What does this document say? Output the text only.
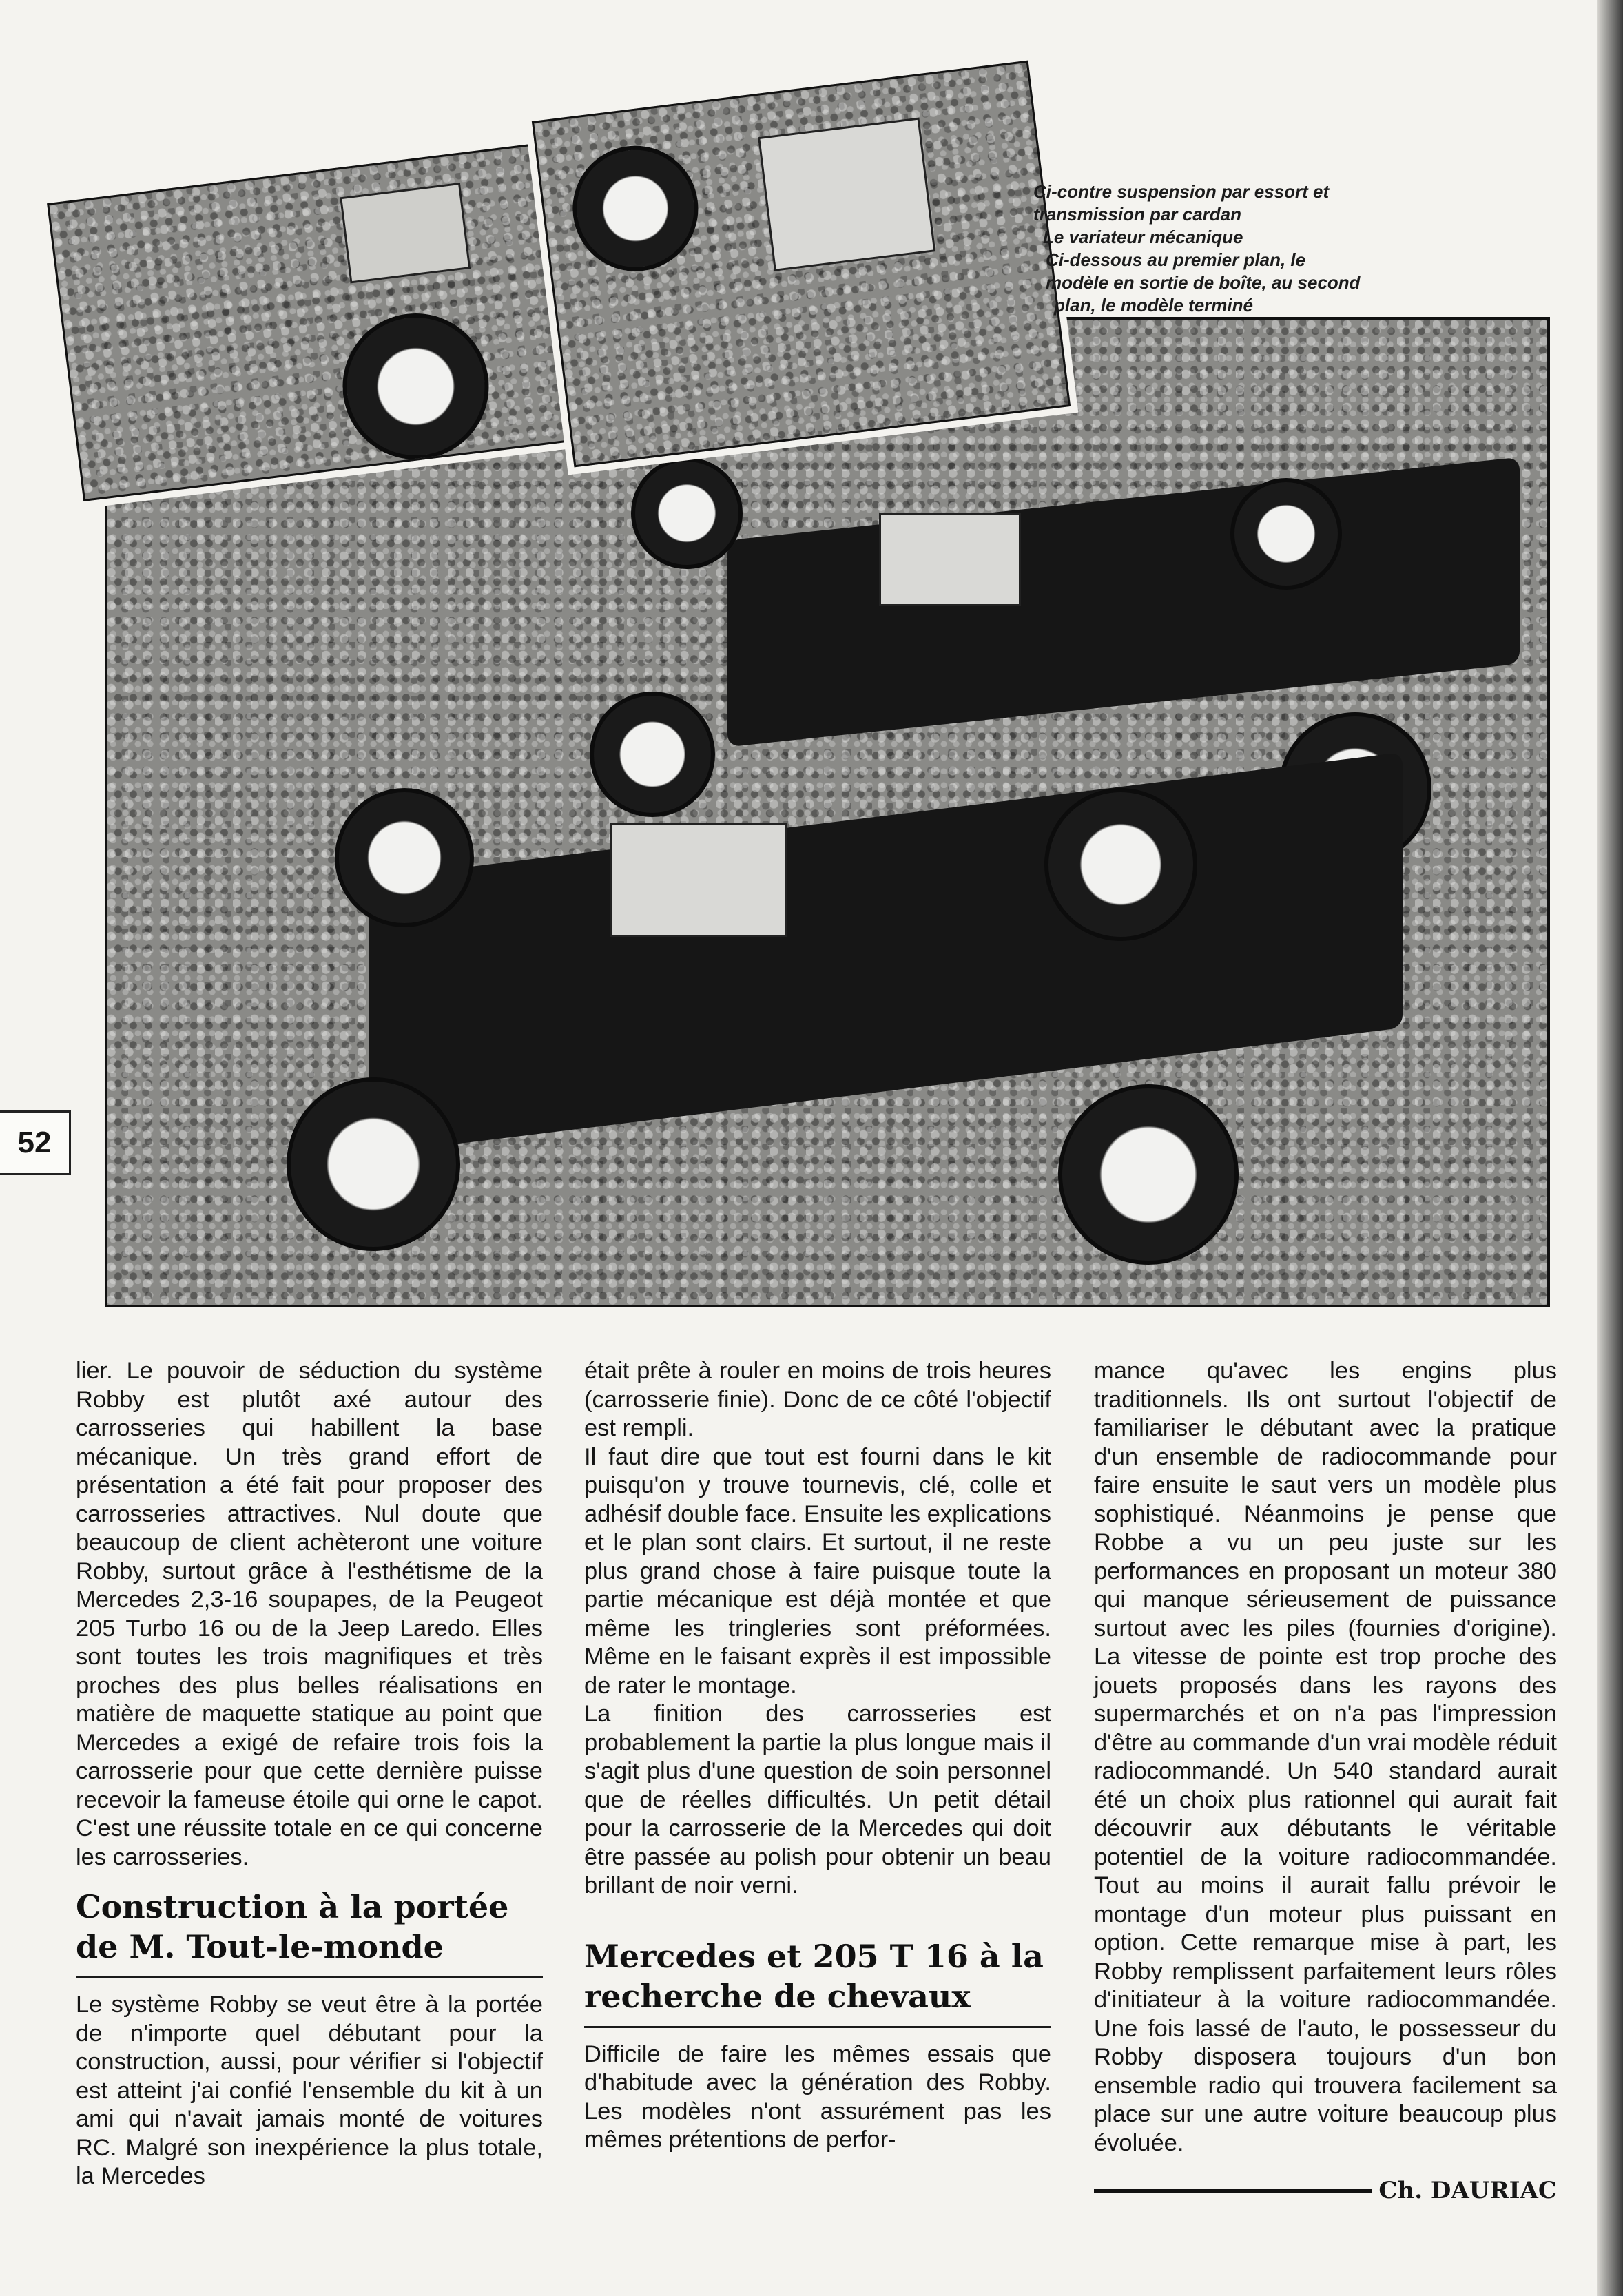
Ci-contre suspension par essort et
transmission par cardan
Le variateur mécanique
Ci-dessous au premier plan, le
modèle en sortie de boîte, au second
plan, le modèle terminé
52

lier. Le pouvoir de séduction du système Robby est plutôt axé autour des carrosseries qui habillent la base mécanique. Un très grand effort de présentation a été fait pour proposer des carrosseries attractives. Nul doute que beaucoup de client achèteront une voiture Robby, surtout grâce à l'esthétisme de la Mercedes 2,3-16 soupapes, de la Peugeot 205 Turbo 16 ou de la Jeep Laredo. Elles sont toutes les trois magnifiques et très proches des plus belles réalisations en matière de maquette statique au point que Mercedes a exigé de refaire trois fois la carrosserie pour que cette dernière puisse recevoir la fameuse étoile qui orne le capot. C'est une réussite totale en ce qui concerne les carrosseries.

Construction à la portée de M. Tout-le-monde

Le système Robby se veut être à la portée de n'importe quel débutant pour la construction, aussi, pour vérifier si l'objectif est atteint j'ai confié l'ensemble du kit à un ami qui n'avait jamais monté de voitures RC. Malgré son inexpérience la plus totale, la Mercedes

était prête à rouler en moins de trois heures (carrosserie finie). Donc de ce côté l'objectif est rempli.

Il faut dire que tout est fourni dans le kit puisqu'on y trouve tournevis, clé, colle et adhésif double face. Ensuite les explications et le plan sont clairs. Et surtout, il ne reste plus grand chose à faire puisque toute la partie mécanique est déjà montée et que même les tringleries sont préformées. Même en le faisant exprès il est impossible de rater le montage.

La finition des carrosseries est probablement la partie la plus longue mais il s'agit plus d'une question de soin personnel que de réelles difficultés. Un petit détail pour la carrosserie de la Mercedes qui doit être passée au polish pour obtenir un beau brillant de noir verni.

Mercedes et 205 T 16 à la recherche de chevaux

Difficile de faire les mêmes essais que d'habitude avec la génération des Robby. Les modèles n'ont assurément pas les mêmes prétentions de perfor-

mance qu'avec les engins plus traditionnels. Ils ont surtout l'objectif de familiariser le débutant avec la pratique d'un ensemble de radiocommande pour faire ensuite le saut vers un modèle plus sophistiqué. Néanmoins je pense que Robbe a vu un peu juste sur les performances en proposant un moteur 380 qui manque sérieusement de puissance surtout avec les piles (fournies d'origine). La vitesse de pointe est trop proche des jouets proposés dans les rayons des supermarchés et on n'a pas l'impression d'être au commande d'un vrai modèle réduit radiocommandé. Un 540 standard aurait été un choix plus rationnel qui aurait fait découvrir aux débutants le véritable potentiel de la voiture radiocommandée. Tout au moins il aurait fallu prévoir le montage d'un moteur plus puissant en option. Cette remarque mise à part, les Robby remplissent parfaitement leurs rôles d'initiateur à la voiture radiocommandée. Une fois lassé de l'auto, le possesseur du Robby disposera toujours d'un bon ensemble radio qui trouvera facilement sa place sur une autre voiture beaucoup plus évoluée.

Ch. DAURIAC
